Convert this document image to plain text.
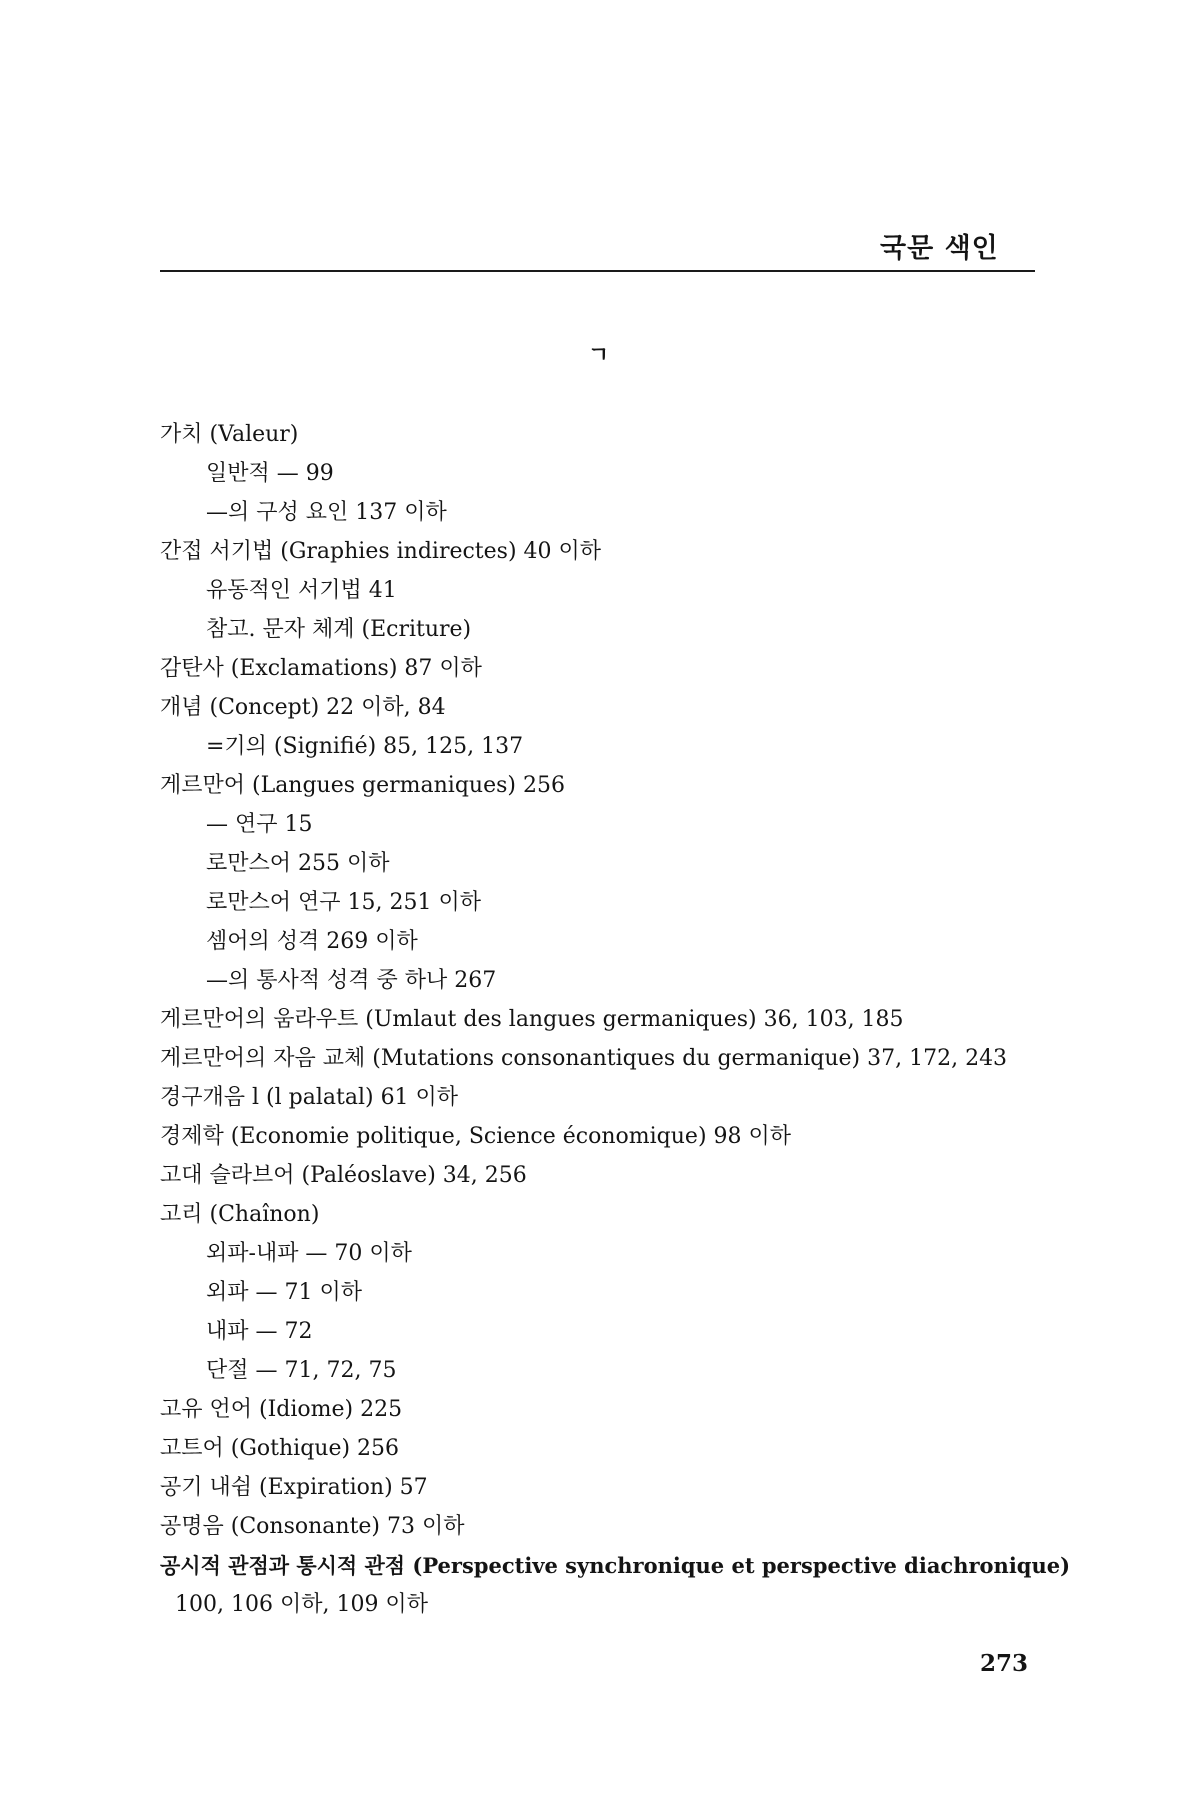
국문 색인
ㄱ
가치 (Valeur)
일반적 — 99
—의 구성 요인 137 이하
간접 서기법 (Graphies indirectes) 40 이하
유동적인 서기법 41
참고. 문자 체계 (Ecriture)
감탄사 (Exclamations) 87 이하
개념 (Concept) 22 이하, 84
=기의 (Signifié) 85, 125, 137
게르만어 (Langues germaniques) 256
— 연구 15
로만스어 255 이하
로만스어 연구 15, 251 이하
셈어의 성격 269 이하
—의 통사적 성격 중 하나 267
게르만어의 움라우트 (Umlaut des langues germaniques) 36, 103, 185
게르만어의 자음 교체 (Mutations consonantiques du germanique) 37, 172, 243
경구개음 l (l palatal) 61 이하
경제학 (Economie politique, Science économique) 98 이하
고대 슬라브어 (Paléoslave) 34, 256
고리 (Chaînon)
외파-내파 — 70 이하
외파 — 71 이하
내파 — 72
단절 — 71, 72, 75
고유 언어 (Idiome) 225
고트어 (Gothique) 256
공기 내쉼 (Expiration) 57
공명음 (Consonante) 73 이하
공시적 관점과 통시적 관점 (Perspective synchronique et perspective diachronique)
100, 106 이하, 109 이하
273
